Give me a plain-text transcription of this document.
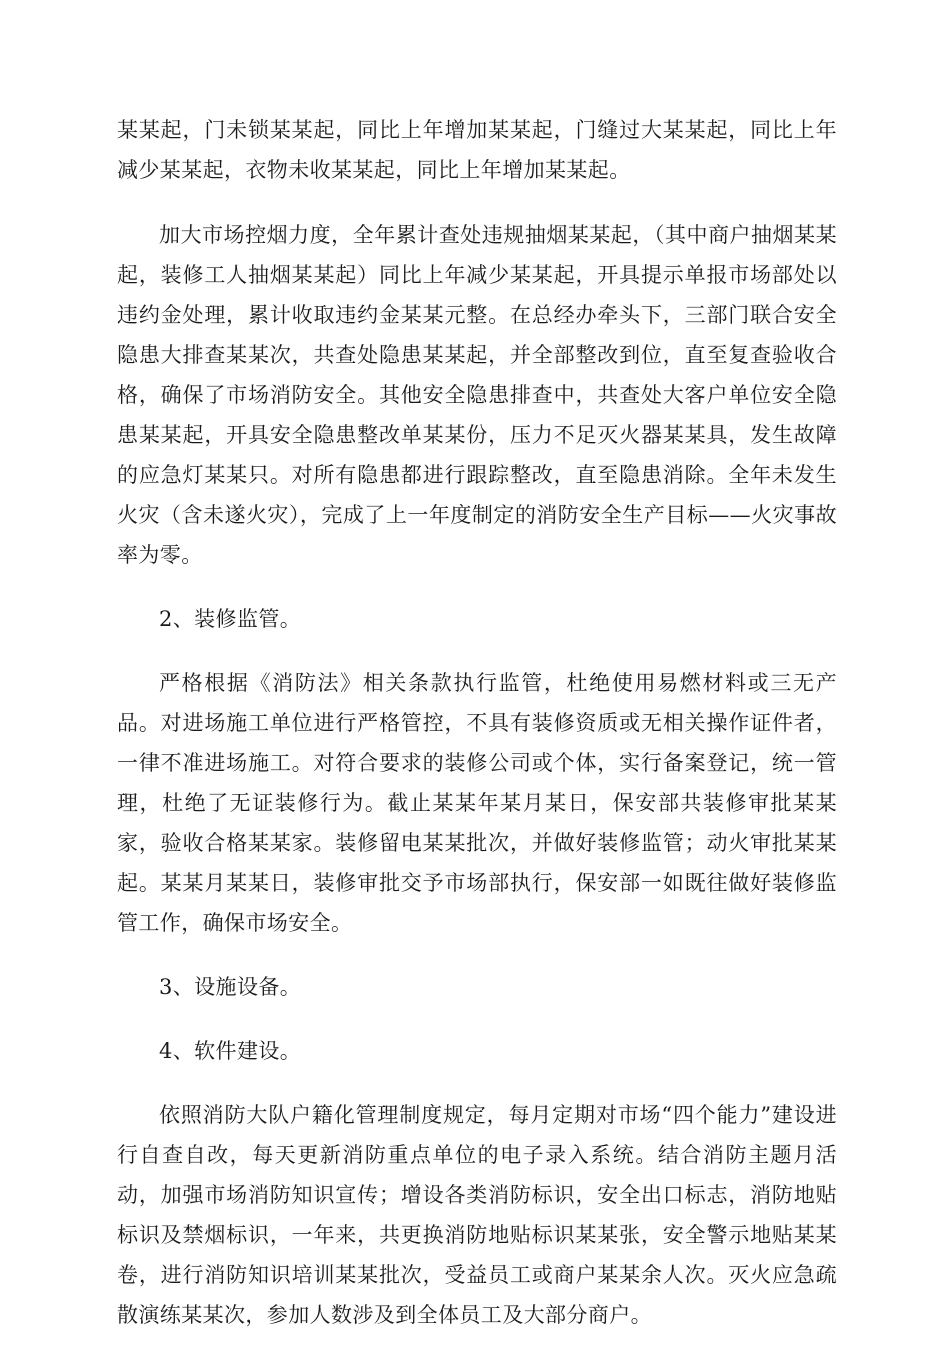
某某起，门未锁某某起，同比上年增加某某起，门缝过大某某起，同比上年减少某某起，衣物未收某某起，同比上年增加某某起。

加大市场控烟力度，全年累计查处违规抽烟某某起，（其中商户抽烟某某起，装修工人抽烟某某起）同比上年减少某某起，开具提示单报市场部处以违约金处理，累计收取违约金某某元整。在总经办牵头下，三部门联合安全隐患大排查某某次，共查处隐患某某起，并全部整改到位，直至复查验收合格，确保了市场消防安全。其他安全隐患排查中，共查处大客户单位安全隐患某某起，开具安全隐患整改单某某份，压力不足灭火器某某具，发生故障的应急灯某某只。对所有隐患都进行跟踪整改，直至隐患消除。全年未发生火灾（含未遂火灾），完成了上一年度制定的消防安全生产目标——火灾事故率为零。

2、装修监管。

严格根据《消防法》相关条款执行监管，杜绝使用易燃材料或三无产品。对进场施工单位进行严格管控，不具有装修资质或无相关操作证件者，一律不准进场施工。对符合要求的装修公司或个体，实行备案登记，统一管理，杜绝了无证装修行为。截止某某年某月某日，保安部共装修审批某某家，验收合格某某家。装修留电某某批次，并做好装修监管；动火审批某某起。某某月某某日，装修审批交予市场部执行，保安部一如既往做好装修监管工作，确保市场安全。

3、设施设备。

4、软件建设。

依照消防大队户籍化管理制度规定，每月定期对市场“四个能力”建设进行自查自改，每天更新消防重点单位的电子录入系统。结合消防主题月活动，加强市场消防知识宣传；增设各类消防标识，安全出口标志，消防地贴标识及禁烟标识，一年来，共更换消防地贴标识某某张，安全警示地贴某某卷，进行消防知识培训某某批次，受益员工或商户某某余人次。灭火应急疏散演练某某次，参加人数涉及到全体员工及大部分商户。
